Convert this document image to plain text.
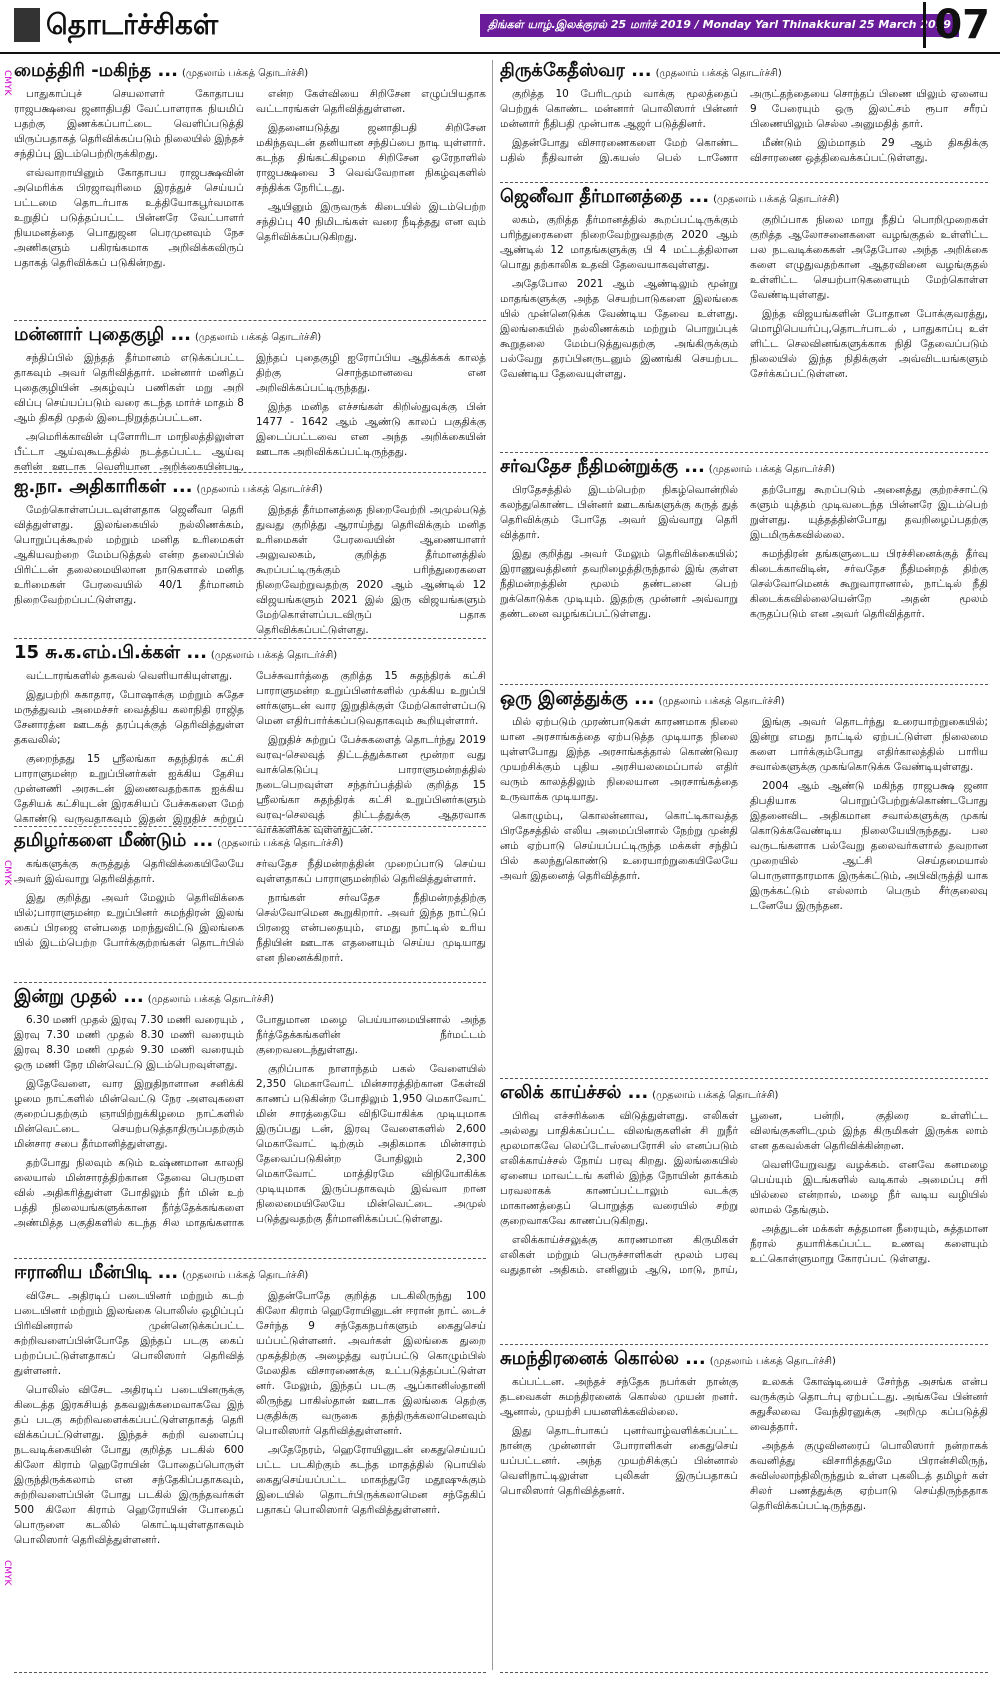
தொடர்ச்சிகள்	திங்கள் யாழ்.இலக்குரல் 25 மார்ச் 2019 / Monday Yarl Thinakkural 25 March 2019
07
CMYK
CMYK
CMYK
மைத்திரி -மகிந்த ... (முதலாம் பக்கத் தொடர்ச்சி)

பாதுகாப்புச் செயலாளர் கோதாபய ராஜபக்ஷவை ஜனாதிபதி வேட்பாளராக நியமிப் பதற்கு இணக்கப்பாட்டை வெளிப்படுத்தி யிருப்பதாகத் தெரிவிக்கப்படும் நிலையில் இந்தச் சந்திப்பு இடம்பெற்றிருக்கிறது.

எவ்வாறாயினும் கோதாபய ராஜபக்ஷவின் அமெரிக்க பிரஜாவுரிமை இரத்துச் செய்யப் பட்டமை தொடர்பாக உத்தியோகபூர்வமாக உறுதிப் படுத்தப்பட்ட பின்னரே வேட்பாளர் நியமனத்தை பொதுஜன பெரமுனவும் நேச அணிகளும் பகிரங்கமாக அறிவிக்கவிருப் பதாகத் தெரிவிக்கப் படுகின்றது.

என்ற கேள்வியை சிறிசேன எழுப்பியதாக வட்டாரங்கள் தெரிவித்துள்ளன.

இதனையடுத்து ஜனாதிபதி சிறிசேன மகிந்தவுடன் தனியான சந்திப்பை நாடி யுள்ளார். கடந்த திங்கட்கிழமை சிறிசேன ஒரேநாளில் ராஜபக்ஷவை 3 வெவ்வேறான நிகழ்வுகளில் சந்திக்க நேரிட்டது.

ஆயினும் இருவருக் கிடையில் இடம்பெற்ற சந்திப்பு 40 நிமிடங்கள் வரை நீடித்தது என வும் தெரிவிக்கப்படுகிறது.

மன்னார் புதைகுழி ... (முதலாம் பக்கத் தொடர்ச்சி)

சந்திப்பில் இந்தத் தீர்மானம் எடுக்கப்பட்ட தாகவும் அவர் தெரிவித்தார். மன்னார் மனிதப் புதைகுழியின் அகழ்வுப் பணிகள் மறு அறி விப்பு செய்யப்படும் வரை கடந்த மார்ச் மாதம் 8 ஆம் திகதி முதல் இடைநிறுத்தப்பட்டன.

அமெரிக்காவின் புளோரிடா மாநிலத்திலுள்ள பீட்டா ஆய்வுகூடத்தில் நடத்தப்பட்ட ஆய்வு களின் ஊடாக வெளியான அறிக்கையின்படி, இந்தப் புதைகுழி ஐரோப்பிய ஆதிக்கக் காலத் திற்கு சொந்தமானவை என அறிவிக்கப்பட்டிருந்தது.

இந்த மனித எச்சங்கள் கிறிஸ்துவுக்கு பின் 1477 - 1642 ஆம் ஆண்டு காலப் பகுதிக்கு இடைப்பட்டவை என அந்த அறிக்கையின் ஊடாக அறிவிக்கப்பட்டிருந்தது.

ஐ.நா. அதிகாரிகள் ... (முதலாம் பக்கத் தொடர்ச்சி)

மேற்கொள்ளப்படவுள்ளதாக ஜெனீவா தெரி வித்துள்ளது. இலங்கையில் நல்லிணக்கம், பொறுப்புக்கூறல் மற்றும் மனித உரிமைகள் ஆகியவற்றை மேம்படுத்தல் என்ற தலைப்பில் பிரிட்டன் தலைமையிலான நாடுகளால் மனித உரிமைகள் பேரவையில் 40/1 தீர்மானம் நிறைவேற்றப்பட்டுள்ளது.

இந்தத் தீர்மானத்தை நிறைவேற்றி அமுல்படுத் துவது குறித்து ஆராய்ந்து தெரிவிக்கும் மனித உரிமைகள் பேரவையின் ஆணையாளர் அலுவலகம், குறித்த தீர்மானத்தில் கூறப்பட்டிருக்கும் பரிந்துரைகளை நிறைவேற்றுவதற்கு 2020 ஆம் ஆண்டில் 12 விஜயங்களும் 2021 இல் இரு விஜயங்களும் மேற்கொள்ளப்படவிருப் பதாக தெரிவிக்கப்பட்டுள்ளது.

15 சு.க.எம்.பி.க்கள் ... (முதலாம் பக்கத் தொடர்ச்சி)

வட்டாரங்களில் தகவல் வெளியாகியுள்ளது.

இதுபற்றி சுகாதார, போஷாக்கு மற்றும் சுதேச மருத்துவம் அமைச்சர் வைத்திய கலாநிதி ராஜித சேனாரத்ன ஊடகத் தரப்புக்குத் தெரிவித்துள்ள தகவலில்;

குறைந்தது 15 ஸ்ரீலங்கா சுதந்திரக் கட்சி பாராளுமன்ற உறுப்பினர்கள் ஐக்கிய தேசிய முன்னணி அரசுடன் இணைவதற்காக ஐக்கிய தேசியக் கட்சியுடன் இரகசியப் பேச்சுகளை மேற் கொண்டு வருவதாகவும் இதன் இறுதிச் சுற்றுப் பேச்சுவார்த்தை குறித்த 15 சுதந்திரக் கட்சி பாராளுமன்ற உறுப்பினர்களில் முக்கிய உறுப்பி னர்களுடன் வார இறுதிக்குள் மேற்கொள்ளப்படு மென எதிர்பார்க்கப்படுவதாகவும் கூறியுள்ளார்.

இறுதிச் சுற்றுப் பேச்சுகளைத் தொடர்ந்து 2019 வரவு-செலவுத் திட்டத்துக்கான மூன்றா வது வாக்கெடுப்பு பாராளுமன்றத்தில் நடைபெறவுள்ள சந்தர்ப்பத்தில் குறித்த 15 ஸ்ரீலங்கா சுதந்திரக் கட்சி உறுப்பினர்களும் வரவு-செலவுத் திட்டத்துக்கு ஆதரவாக வாக்களிக்க வுள்ளதுடன்.

தமிழர்களை மீண்டும் ... (முதலாம் பக்கத் தொடர்ச்சி)

கங்களுக்கு சுருத்துத் தெரிவிக்கையிலேயே அவர் இவ்வாறு தெரிவித்தார்.

இது குறித்து அவர் மேலும் தெரிவிக்கை யில்;பாராளுமன்ற உறுப்பினர் சுமந்திரன் இலங் கைப் பிரஜை என்பதை மறந்துவிட்டு இலங்கை யில் இடம்பெற்ற போர்க்குற்றங்கள் தொடர்பில் சர்வதேச நீதிமன்றத்தின் முறைப்பாடு செய்ய வுள்ளதாகப் பாராளுமன்றில் தெரிவித்துள்ளார்.

நாங்கள் சர்வதேச நீதிமன்றத்திற்கு செல்வோமென கூறுகிறார். அவர் இந்த நாட்டுப் பிரஜை என்பதையும், எமது நாட்டில் உரிய நீதியின் ஊடாக எதனையும் செய்ய முடியாது என நினைக்கிறார்.

இன்று முதல் ... (முதலாம் பக்கத் தொடர்ச்சி)

6.30 மணி முதல் இரவு 7.30 மணி வரையும் , இரவு 7.30 மணி முதல் 8.30 மணி வரையும் இரவு 8.30 மணி முதல் 9.30 மணி வரையும் ஒரு மணி நேர மின்வெட்டு இடம்பெறவுள்ளது.

இதேவேளை, வார இறுதிநாளான சனிக்கி ழமை நாட்களில் மின்வெட்டு நேர அளவுகளை குறைப்பதற்கும் ஞாயிற்றுக்கிழமை நாட்களில் மின்வெட்டை செயற்படுத்தாதிருப்பதற்கும் மின்சார சபை தீர்மானித்துள்ளது.

தற்போது நிலவும் கடும் உஷ்ணமான காலநி லையால் மின்சாரத்திற்கான தேவை பெருமள வில் அதிகரித்துள்ள போதிலும் நீர் மின் உற் பத்தி நிலையங்களுக்கான நீர்த்தேக்கங்களை அண்மித்த பகுதிகளில் கடந்த சில மாதங்களாக போதுமான மழை பெய்யாமையினால் அந்த நீர்த்தேக்கங்களின் நீர்மட்டம் குறைவடைந்துள்ளது.

குறிப்பாக நாளாந்தம் பகல் வேளையில் 2,350 மெகாவோட் மின்சாரத்திற்கான கேள்வி காணப் படுகின்ற போதிலும் 1,950 மெகாவோட் மின் சாரத்தையே விநியோகிக்க முடியுமாக இருப்பது டன், இரவு வேளைகளில் 2,600 மெகாவோட் டிற்கும் அதிகமாக மின்சாரம் தேவைப்படுகின்ற போதிலும் 2,300 மெகாவோட் மாத்திரமே விநியோகிக்க முடியுமாக இருப்பதாகவும் இவ்வா றான நிலைமையிலேயே மின்வெட்டை அமுல் படுத்துவதற்கு தீர்மானிக்கப்பட்டுள்ளது.

ஈரானிய மீன்பிடி ... (முதலாம் பக்கத் தொடர்ச்சி)

விசேட அதிரடிப் படையினர் மற்றும் கடற் படையினர் மற்றும் இலங்கை பொலிஸ் ஒழிப்புப் பிரிவினரால் முன்னெடுக்கப்பட்ட சுற்றிவளைப்பின்போதே இந்தப் படகு கைப் பற்றப்பட்டுள்ளதாகப் பொலிஸார் தெரிவித் துள்ளனர்.

பொலிஸ் விசேட அதிரடிப் படையினருக்கு கிடைத்த இரகசியத் தகவலுக்கமைவாகவே இந் தப் படகு சுற்றிவளைக்கப்பட்டுள்ளதாகத் தெரி விக்கப்பட்டுள்ளது. இந்தச் சுற்றி வளைப்பு நடவடிக்கையின் போது குறித்த படகில் 600 கிலோ கிராம் ஹெரோயின் போதைப்பொருள் இருந்திருக்கலாம் என சந்தேகிப்பதாகவும், சுற்றிவளைப்பின் போது படகில் இருந்தவர்கள் 500 கிலோ கிராம் ஹெரோயின் போதைப் பொருளை கடலில் கொட்டியுள்ளதாகவும் பொலிஸார் தெரிவித்துள்ளனர்.

இதன்போதே குறித்த படகிலிருந்து 100 கிலோ கிராம் ஹெரோயினுடன் ஈரான் நாட் டைச் சேர்ந்த 9 சந்தேகநபர்களும் கைதுசெய் யப்பட்டுள்ளனர். அவர்கள் இலங்கை துறை முகத்திற்கு அழைத்து வரப்பட்டு கொழும்பில் மேலதிக விசாரணைக்கு உட்படுத்தப்பட்டுள்ள னர். மேலும், இந்தப் படகு ஆப்கானிஸ்தானி லிருந்து பாகிஸ்தான் ஊடாக இலங்கை தெற்கு பகுதிக்கு வருகை தந்திருக்கலாமெனவும் பொலிஸார் தெரிவித்துள்ளனர்.

அதேநேரம், ஹெரோயினுடன் கைதுசெய்யப் பட்ட படகிற்கும் கடந்த மாதத்தில் டுபாயில் கைதுசெய்யப்பட்ட மாகந்துரே மதூஷுக்கும் இடையில் தொடர்பிருக்கலாமென சந்தேகிப் பதாகப் பொலிஸார் தெரிவித்துள்ளனர்.

திருக்கேதீஸ்வர ... (முதலாம் பக்கத் தொடர்ச்சி)

குறித்த 10 பேரிடமும் வாக்கு மூலத்தைப் பெற்றுக் கொண்ட மன்னார் பொலிஸார் பின்னர் மன்னார் நீதிபதி முன்பாக ஆஜர் படுத்தினர்.

இதன்போது விசாரணைகளை மேற் கொண்ட பதில் நீதிவான் இ.கயஸ் பெல் டாணோ அருட்தந்தையை சொந்தப் பிணை யிலும் ஏனைய 9 பேரையும் ஒரு இலட்சம் ரூபா சரீரப் பிணையிலும் செல்ல அனுமதித் தார்.

மீண்டும் இம்மாதம் 29 ஆம் திகதிக்கு விசாரணை ஒத்திவைக்கப்பட்டுள்ளது.

ஜெனீவா தீர்மானத்தை ... (முதலாம் பக்கத் தொடர்ச்சி)

லகம், குறித்த தீர்மானத்தில் கூறப்பட்டிருக்கும் பரிந்துரைகளை நிறைவேற்றுவதற்கு 2020 ஆம் ஆண்டில் 12 மாதங்களுக்கு பி 4 மட்டத்திலான பொது தற்காலிக உதவி தேவையாகவுள்ளது.

அதேபோல 2021 ஆம் ஆண்டிலும் மூன்று மாதங்களுக்கு அந்த செயற்பாடுகளை இலங்கை யில் முன்னெடுக்க வேண்டிய தேவை உள்ளது. இலங்கையில் நல்லிணக்கம் மற்றும் பொறுப்புக் கூறுதலை மேம்படுத்துவதற்கு அங்கிருக்கும் பல்வேறு தரப்பினருடனும் இணங்கி செயற்பட வேண்டிய தேவையுள்ளது.

குறிப்பாக நிலை மாறு நீதிப் பொறிமுறைகள் குறித்த ஆலோசனைகளை வழங்குதல் உள்ளிட்ட பல நடவடிக்கைகள் அதேபோல அந்த அறிக்கை களை எழுதுவதற்கான ஆதரவினை வழங்குதல் உள்ளிட்ட செயற்பாடுகளையும் மேற்கொள்ள வேண்டியுள்ளது.

இந்த விஜயங்களின் போதான போக்குவரத்து, மொழிபெயர்ப்பு,தொடர்பாடல் , பாதுகாப்பு உள் ளிட்ட செலவினங்களுக்காக நிதி தேவைப்படும் நிலையில் இந்த நிதிக்குள் அவ்விடயங்களும் சேர்க்கப்பட்டுள்ளன.

சர்வதேச நீதிமன்றுக்கு ... (முதலாம் பக்கத் தொடர்ச்சி)

பிரதேசத்தில் இடம்பெற்ற நிகழ்வொன்றில் கலந்துகொண்ட பின்னர் ஊடகங்களுக்கு கருத் துத் தெரிவிக்கும் போதே அவர் இவ்வாறு தெரி வித்தார்.

இது குறித்து அவர் மேலும் தெரிவிக்கையில்; இராணுவத்தினர் தவறிழைத்திருந்தால் இங் குள்ள நீதிமன்றத்தின் மூலம் தண்டனை பெற் றுக்கொடுக்க முடியும். இதற்கு முன்னர் அவ்வாறு தண்டனை வழங்கப்பட்டுள்ளது.

தற்போது கூறப்படும் அனைத்து குற்றச்சாட்டு களும் யுத்தம் முடிவடைந்த பின்னரே இடம்பெற் றுள்ளது. யுத்தத்தின்போது தவறிழைப்பதற்கு இடமிருக்கவில்லை.

சுமந்திரன் தங்களுடைய பிரச்சினைக்குத் தீர்வு கிடைக்காவிடின், சர்வதேச நீதிமன்றத் திற்கு செல்வோமெனக் கூறுவாரானால், நாட்டில் நீதி கிடைக்கவில்லையென்றே அதன் மூலம் கருதப்படும் என அவர் தெரிவித்தார்.

ஒரு இனத்துக்கு ... (முதலாம் பக்கத் தொடர்ச்சி)

மில் ஏற்படும் முரண்பாடுகள் காரணமாக நிலை யான அரசாங்கத்தை ஏற்படுத்த முடியாத நிலை யுள்ளபோது இந்த அரசாங்கத்தால் கொண்டுவர முயற்சிக்கும் புதிய அரசியலமைப்பால் எதிர் வரும் காலத்திலும் நிலையான அரசாங்கத்தை உருவாக்க முடியாது.

கொழும்பு, கொலன்னாவ, கொட்டிகாவத்த பிரதேசத்தில் எலிய அமைப்பினால் நேற்று முன்தி னம் ஏற்பாடு செய்யப்பட்டிருந்த மக்கள் சந்திப் பில் கலந்துகொண்டு உரையாற்றுகையிலேயே அவர் இதனைத் தெரிவித்தார்.

இங்கு அவர் தொடர்ந்து உரையாற்றுகையில்; இன்று எமது நாட்டில் ஏற்பட்டுள்ள நிலைமை களை பார்க்கும்போது எதிர்காலத்தில் பாரிய சவால்களுக்கு முகங்கொடுக்க வேண்டியுள்ளது.

2004 ஆம் ஆண்டு மகிந்த ராஜபக்ஷ ஜனா திபதியாக பொறுப்பேற்றுக்கொண்டபோது இதனைவிட அதிகமான சவால்களுக்கு முகங் கொடுக்கவேண்டிய நிலையேயிருந்தது. பல வருடங்களாக பல்வேறு தலைவர்களால் தவறான முறையில் ஆட்சி செய்தமையால் பொருளாதாரமாக இருக்கட்டும், அபிவிருத்தி யாக இருக்கட்டும் எல்லாம் பெரும் சீர்குலைவு டனேயே இருந்தன.

எலிக் காய்ச்சல் ... (முதலாம் பக்கத் தொடர்ச்சி)

பிரிவு எச்சரிக்கை விடுத்துள்ளது. எலிகள் அல்லது பாதிக்கப்பட்ட விலங்குகளின் சி றுநீர் மூலமாகவே லெப்டோஸ்பைரோசி ஸ் எனப்படும் எலிக்காய்ச்சல் நோய் பரவு கிறது. இலங்கையில் ஏனைய மாவட்டங் களில் இந்த நோயின் தாக்கம் பரவலாகக் காணப்பட்டாலும் வடக்கு மாகாணத்தைப் பொறுத்த வரையில் சற்று குறைவாகவே காணப்படுகிறது.

எலிக்காய்ச்சலுக்கு காரணமான கிருமிகள் எலிகள் மற்றும் பெருச்சாளிகள் மூலம் பரவு வதுதான் அதிகம். எனினும் ஆடு, மாடு, நாய், பூனை, பன்றி, குதிரை உள்ளிட்ட விலங்குகளிடமும் இந்த கிருமிகள் இருக்க லாம் என தகவல்கள் தெரிவிக்கின்றன.

வெளியேறுவது வழக்கம். எனவே கனமழை பெய்யும் இடங்களில் வடிகால் அமைப்பு சரி யில்லை என்றால், மழை நீர் வடிய வழியில் லாமல் தேங்கும்.

அத்துடன் மக்கள் சுத்தமான நீரையும், சுத்தமான நீரால் தயாரிக்கப்பட்ட உணவு களையும் உட்கொள்ளுமாறு கோரப்பட் டுள்ளது.

சுமந்திரனைக் கொல்ல ... (முதலாம் பக்கத் தொடர்ச்சி)

கப்பட்டன. அந்தச் சந்தேக நபர்கள் நான்கு தடவைகள் சுமந்திரனைக் கொல்ல முயன் றனர். ஆனால், முயற்சி பயனளிக்கவில்லை.

இது தொடர்பாகப் புனர்வாழ்வளிக்கப்பட்ட நான்கு முன்னாள் போராளிகள் கைதுசெய் யப்பட்டனர். அந்த முயற்சிக்குப் பின்னால் வெளிநாட்டிலுள்ள புலிகள் இருப்பதாகப் பொலிஸார் தெரிவித்தனர்.

உலகக் கோஷ்டியைச் சேர்ந்த அசங்க என்ப வருக்கும் தொடர்பு ஏற்பட்டது. அங்கவே பின்னர் சுதுசீலவை வேந்திரனுக்கு அறிமு கப்படுத்தி வைத்தார்.

அந்தக் குழுவினரைப் பொலிஸார் நன்றாகக் கவனித்து விசாரித்ததுமே பிரான்சிலிருந், சுவிஸ்லாந்திலிருந்தும் உள்ள புகலிடத் தமிழர் கள் சிலர் பணத்துக்கு ஏற்பாடு செய்திருந்ததாக தெரிவிக்கப்பட்டிருந்தது.
